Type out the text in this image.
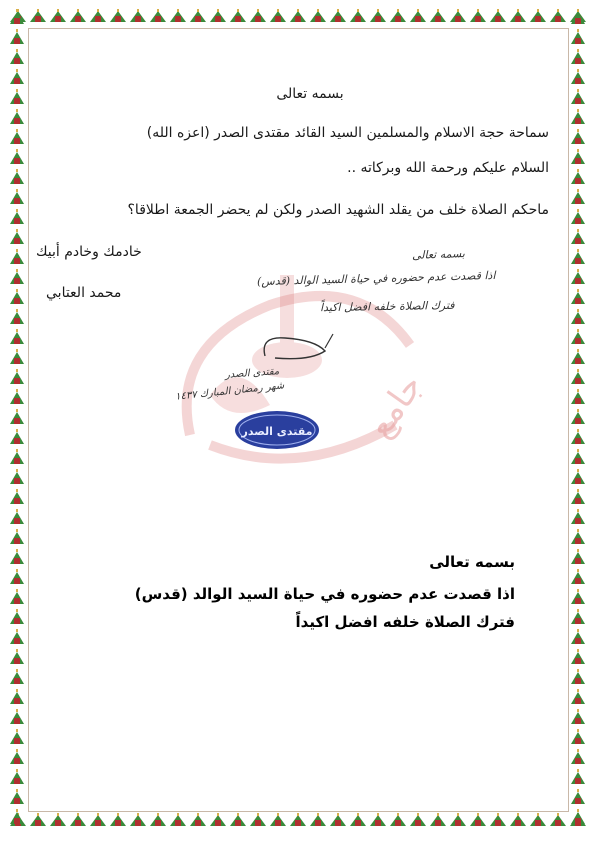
جامع
بسمه تعالى
سماحة حجة الاسلام والمسلمين السيد القائد مقتدى الصدر (اعزه الله)
السلام عليكم ورحمة الله وبركاته ..
ماحكم الصلاة خلف من يقلد الشهيد الصدر ولكن لم يحضر الجمعة اطلاقا؟
خادمك وخادم أبيك
محمد العتابي
بسمه تعالى
اذا قصدت عدم حضوره في حياة السيد الوالد (قدس)
فترك الصلاة خلفه افضل اكيداً
مقتدى الصدر
شهر رمضان المبارك ١٤٣٧
مقتدى الصدر
بسمه تعالى
اذا قصدت عدم حضوره في حياة السيد الوالد (قدس)
فترك الصلاة خلفه افضل اكيداً
